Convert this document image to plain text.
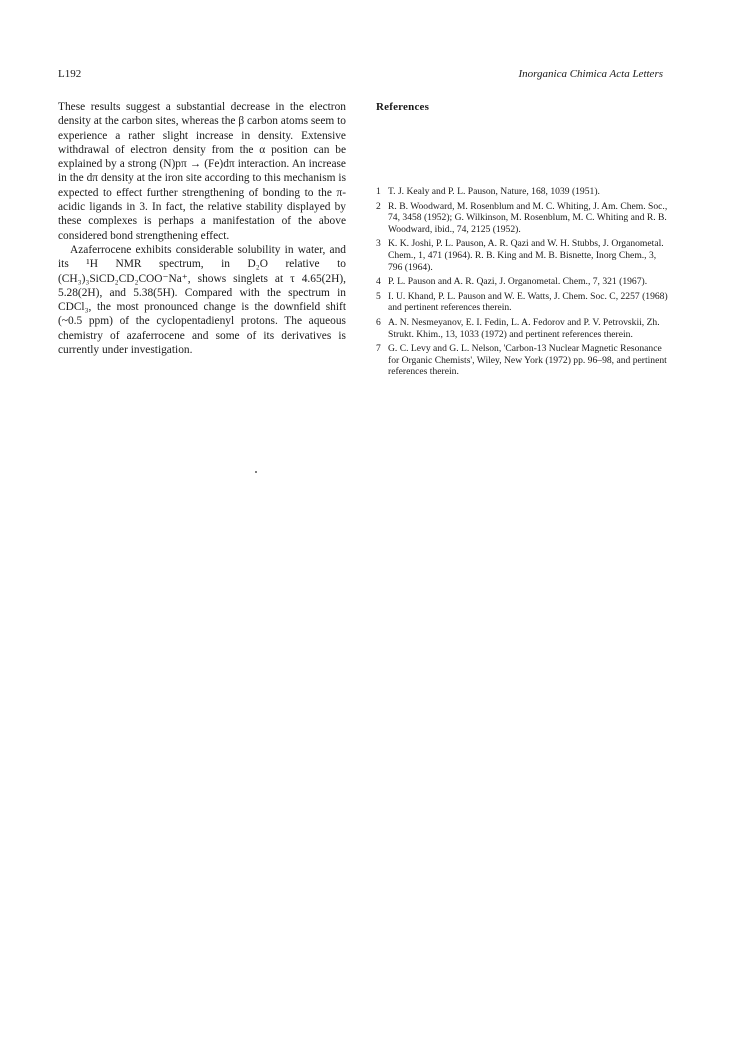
L192	Inorganica Chimica Acta Letters

These results suggest a substantial decrease in the electron density at the carbon sites, whereas the β carbon atoms seem to experience a rather slight increase in density. Extensive withdrawal of electron density from the α position can be explained by a strong (N)pπ → (Fe)dπ interaction. An increase in the dπ density at the iron site according to this mechanism is expected to effect further strengthening of bonding to the π-acidic ligands in 3. In fact, the relative stability displayed by these complexes is perhaps a manifestation of the above considered bond strengthening effect.

Azaferrocene exhibits considerable solubility in water, and its ¹H NMR spectrum, in D₂O relative to (CH₃)₃SiCD₂CD₂COO⁻Na⁺, shows singlets at τ 4.65(2H), 5.28(2H), and 5.38(5H). Compared with the spectrum in CDCl₃, the most pronounced change is the downfield shift (~0.5 ppm) of the cyclopentadienyl protons. The aqueous chemistry of azaferrocene and some of its derivatives is currently under investigation.

References
1 T. J. Kealy and P. L. Pauson, Nature, 168, 1039 (1951).
2 R. B. Woodward, M. Rosenblum and M. C. Whiting, J. Am. Chem. Soc., 74, 3458 (1952); G. Wilkinson, M. Rosenblum, M. C. Whiting and R. B. Woodward, ibid., 74, 2125 (1952).
3 K. K. Joshi, P. L. Pauson, A. R. Qazi and W. H. Stubbs, J. Organometal. Chem., 1, 471 (1964). R. B. King and M. B. Bisnette, Inorg Chem., 3, 796 (1964).
4 P. L. Pauson and A. R. Qazi, J. Organometal. Chem., 7, 321 (1967).
5 I. U. Khand, P. L. Pauson and W. E. Watts, J. Chem. Soc. C, 2257 (1968) and pertinent references therein.
6 A. N. Nesmeyanov, E. I. Fedin, L. A. Fedorov and P. V. Petrovskii, Zh. Strukt. Khim., 13, 1033 (1972) and pertinent references therein.
7 G. C. Levy and G. L. Nelson, 'Carbon-13 Nuclear Magnetic Resonance for Organic Chemists', Wiley, New York (1972) pp. 96–98, and pertinent references therein.
